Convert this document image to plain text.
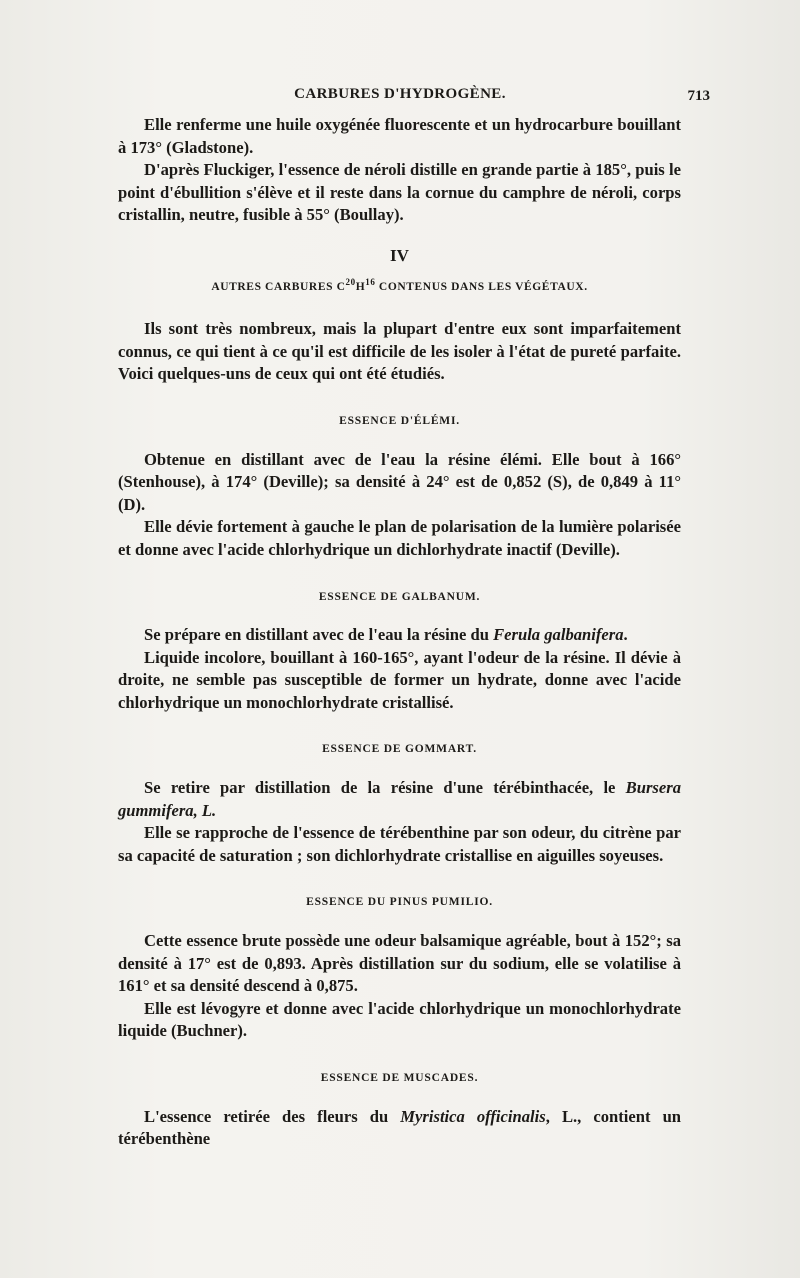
CARBURES D'HYDROGÈNE.	713

Elle renferme une huile oxygénée fluorescente et un hydrocarbure bouillant à 173° (Gladstone).

D'après Fluckiger, l'essence de néroli distille en grande partie à 185°, puis le point d'ébullition s'élève et il reste dans la cornue du camphre de néroli, corps cristallin, neutre, fusible à 55° (Boullay).

IV
AUTRES CARBURES $C^{20}H^{16}$ CONTENUS DANS LES VÉGÉTAUX.

Ils sont très nombreux, mais la plupart d'entre eux sont imparfaitement connus, ce qui tient à ce qu'il est difficile de les isoler à l'état de pureté parfaite. Voici quelques-uns de ceux qui ont été étudiés.

ESSENCE D'ÉLÉMI.

Obtenue en distillant avec de l'eau la résine élémi. Elle bout à 166° (Stenhouse), à 174° (Deville); sa densité à 24° est de 0,852 (S), de 0,849 à 11° (D).

Elle dévie fortement à gauche le plan de polarisation de la lumière polarisée et donne avec l'acide chlorhydrique un dichlorhydrate inactif (Deville).

ESSENCE DE GALBANUM.

Se prépare en distillant avec de l'eau la résine du Ferula galbanifera.

Liquide incolore, bouillant à 160-165°, ayant l'odeur de la résine. Il dévie à droite, ne semble pas susceptible de former un hydrate, donne avec l'acide chlorhydrique un monochlorhydrate cristallisé.

ESSENCE DE GOMMART.

Se retire par distillation de la résine d'une térébinthacée, le Bursera gummifera, L.

Elle se rapproche de l'essence de térébenthine par son odeur, du citrène par sa capacité de saturation ; son dichlorhydrate cristallise en aiguilles soyeuses.

ESSENCE DU PINUS PUMILIO.

Cette essence brute possède une odeur balsamique agréable, bout à 152°; sa densité à 17° est de 0,893. Après distillation sur du sodium, elle se volatilise à 161° et sa densité descend à 0,875.

Elle est lévogyre et donne avec l'acide chlorhydrique un monochlorhydrate liquide (Buchner).

ESSENCE DE MUSCADES.

L'essence retirée des fleurs du Myristica officinalis, L., contient un térébenthène
